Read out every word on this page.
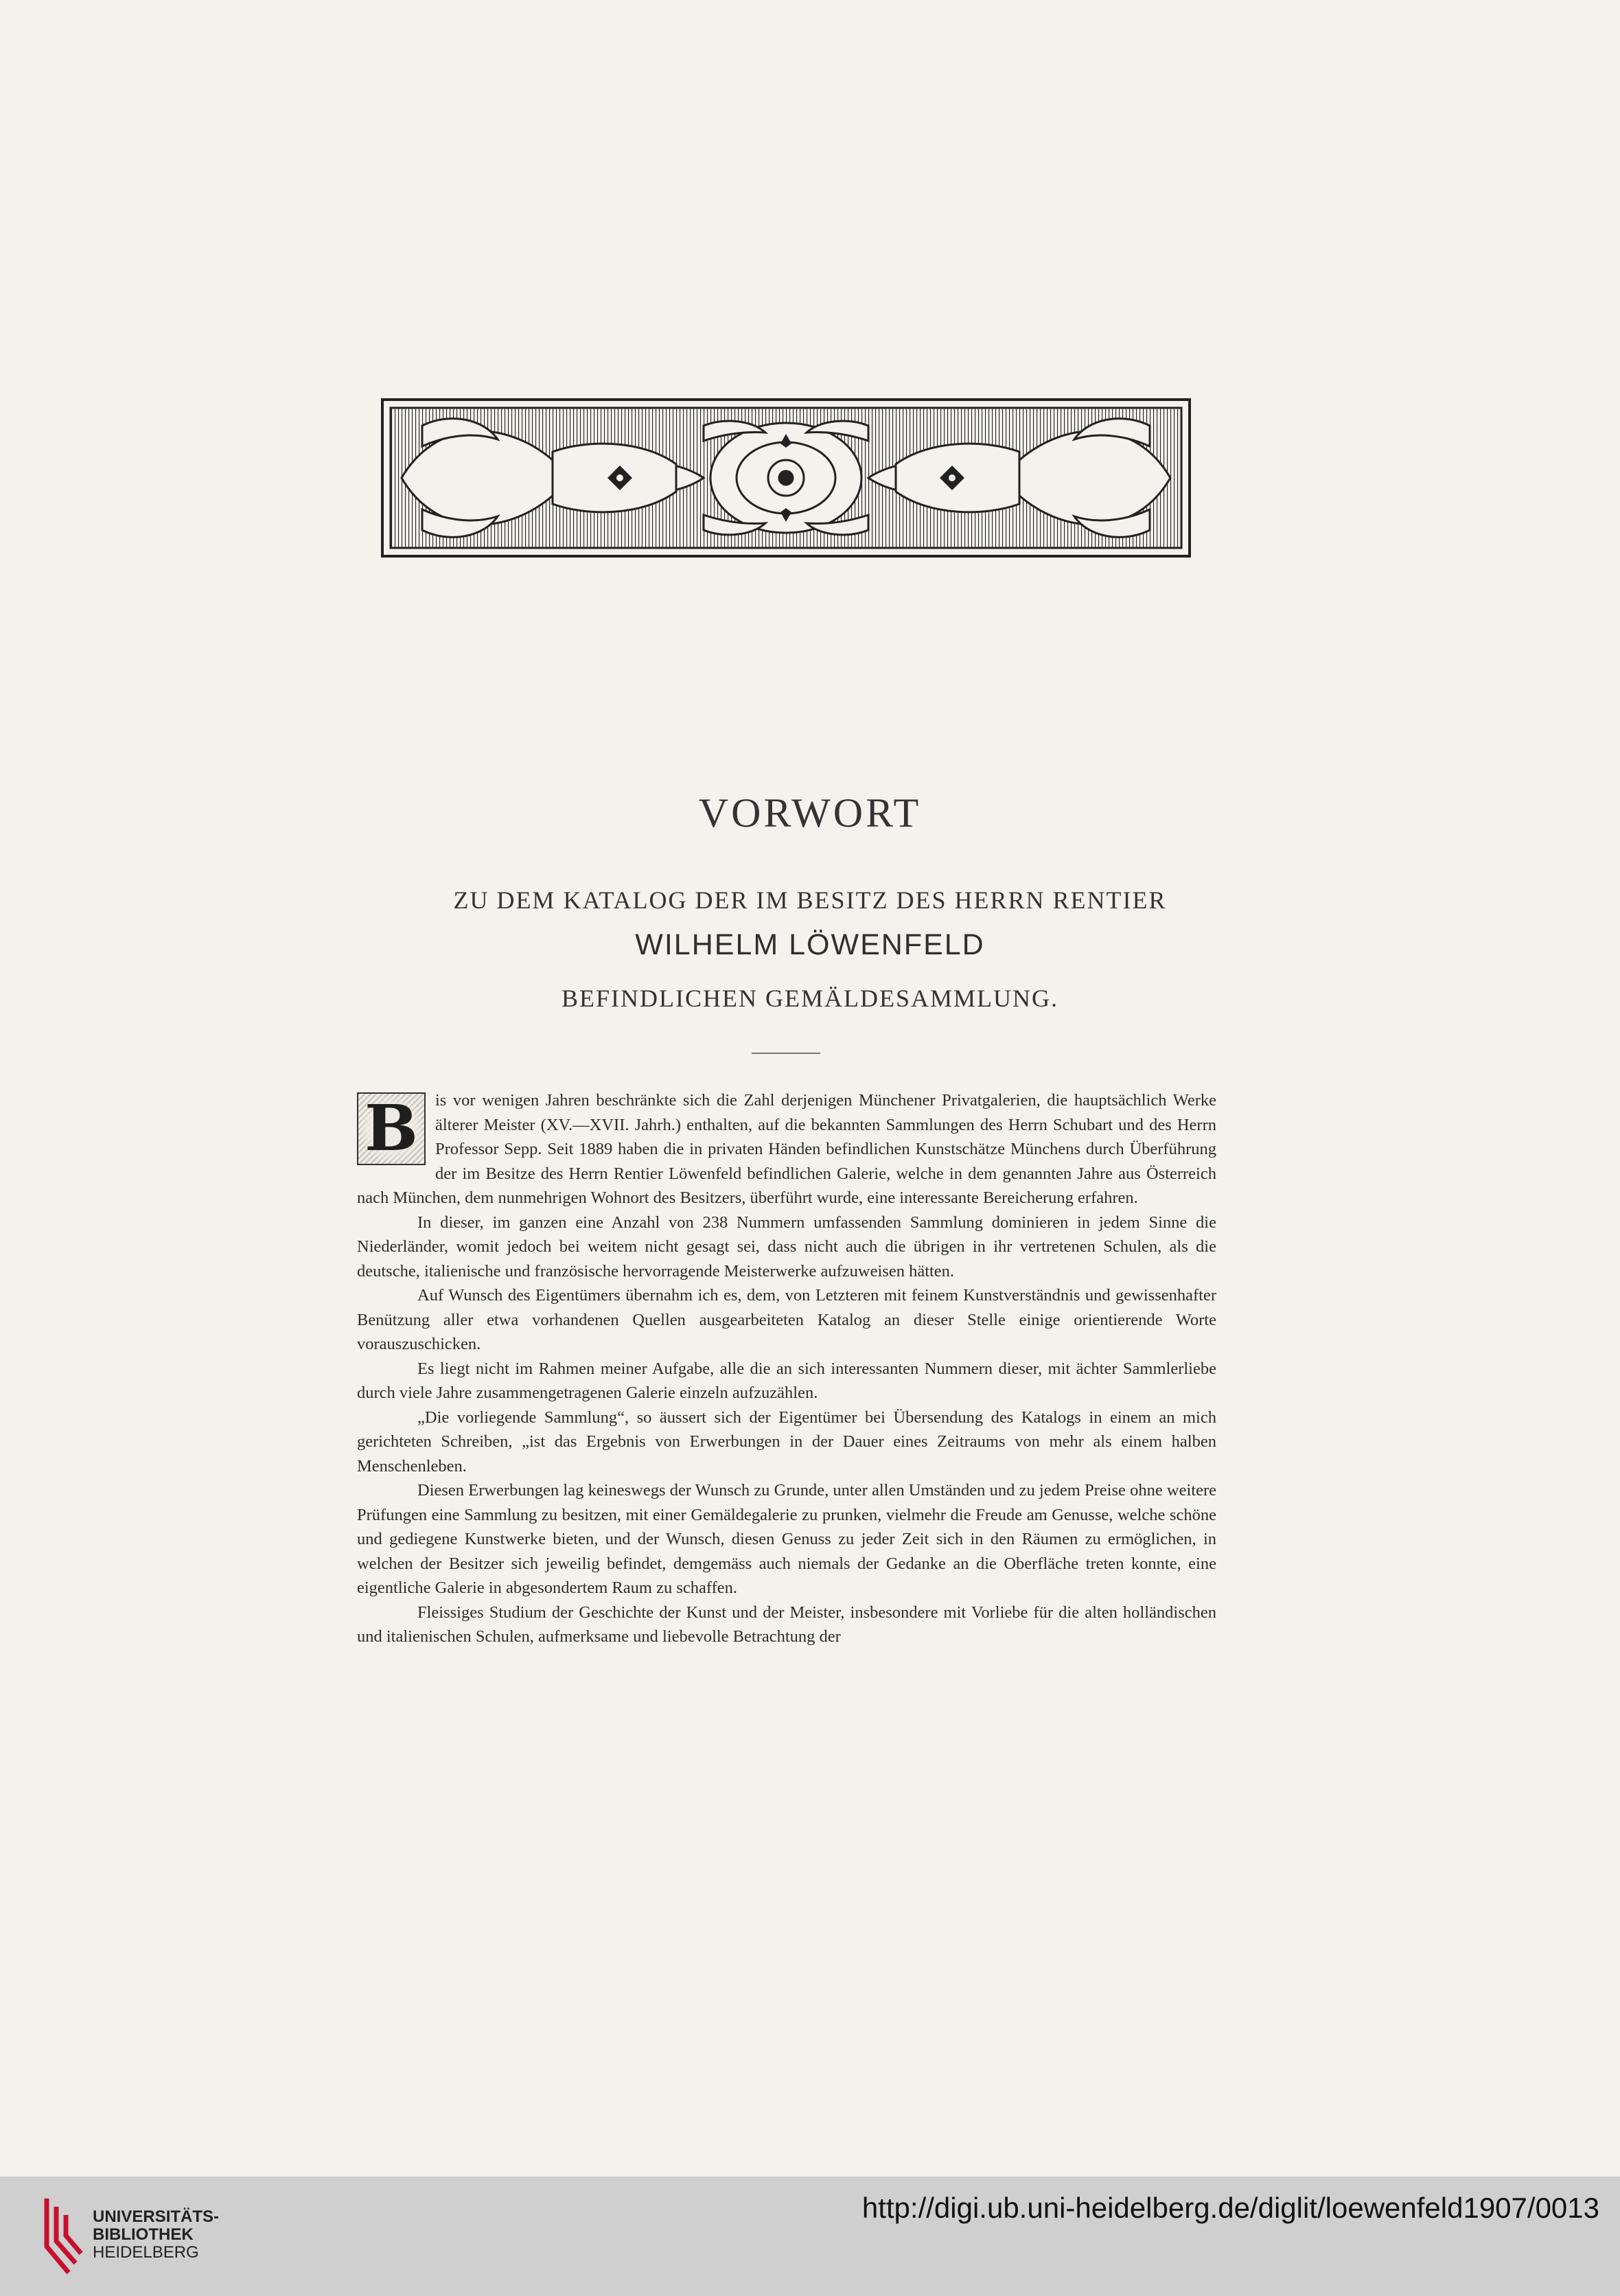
VORWORT
ZU DEM KATALOG DER IM BESITZ DES HERRN RENTIER
WILHELM LÖWENFELD
BEFINDLICHEN GEMÄLDESAMMLUNG.

B	is vor wenigen Jahren beschränkte sich die Zahl derjenigen Münchener Privatgalerien, die hauptsächlich Werke älterer Meister (XV.—XVII. Jahrh.) enthalten, auf die bekannten Sammlungen des Herrn Schubart und des Herrn Professor Sepp. Seit 1889 haben die in privaten Händen befindlichen Kunstschätze Münchens durch Überführung der im Besitze des Herrn Rentier Löwenfeld befindlichen Galerie, welche in dem genannten Jahre aus Österreich nach München, dem nunmehrigen Wohnort des Besitzers, überführt wurde, eine interessante Bereicherung erfahren.

In dieser, im ganzen eine Anzahl von 238 Nummern umfassenden Sammlung dominieren in jedem Sinne die Niederländer, womit jedoch bei weitem nicht gesagt sei, dass nicht auch die übrigen in ihr vertretenen Schulen, als die deutsche, italienische und französische hervorragende Meisterwerke aufzuweisen hätten.

Auf Wunsch des Eigentümers übernahm ich es, dem, von Letzteren mit feinem Kunstverständnis und gewissenhafter Benützung aller etwa vorhandenen Quellen ausgearbeiteten Katalog an dieser Stelle einige orientierende Worte vorauszuschicken.

Es liegt nicht im Rahmen meiner Aufgabe, alle die an sich interessanten Nummern dieser, mit ächter Sammlerliebe durch viele Jahre zusammengetragenen Galerie einzeln aufzuzählen.

„Die vorliegende Sammlung“, so äussert sich der Eigentümer bei Übersendung des Katalogs in einem an mich gerichteten Schreiben, „ist das Ergebnis von Erwerbungen in der Dauer eines Zeitraums von mehr als einem halben Menschenleben.

Diesen Erwerbungen lag keineswegs der Wunsch zu Grunde, unter allen Umständen und zu jedem Preise ohne weitere Prüfungen eine Sammlung zu besitzen, mit einer Gemäldegalerie zu prunken, vielmehr die Freude am Genusse, welche schöne und gediegene Kunstwerke bieten, und der Wunsch, diesen Genuss zu jeder Zeit sich in den Räumen zu ermöglichen, in welchen der Besitzer sich jeweilig befindet, demgemäss auch niemals der Gedanke an die Oberfläche treten konnte, eine eigentliche Galerie in abgesondertem Raum zu schaffen.

Fleissiges Studium der Geschichte der Kunst und der Meister, insbesondere mit Vorliebe für die alten holländischen und italienischen Schulen, aufmerksame und liebevolle Betrachtung der

UNIVERSITÄTS-
BIBLIOTHEK
HEIDELBERG
http://digi.ub.uni-heidelberg.de/diglit/loewenfeld1907/0013
